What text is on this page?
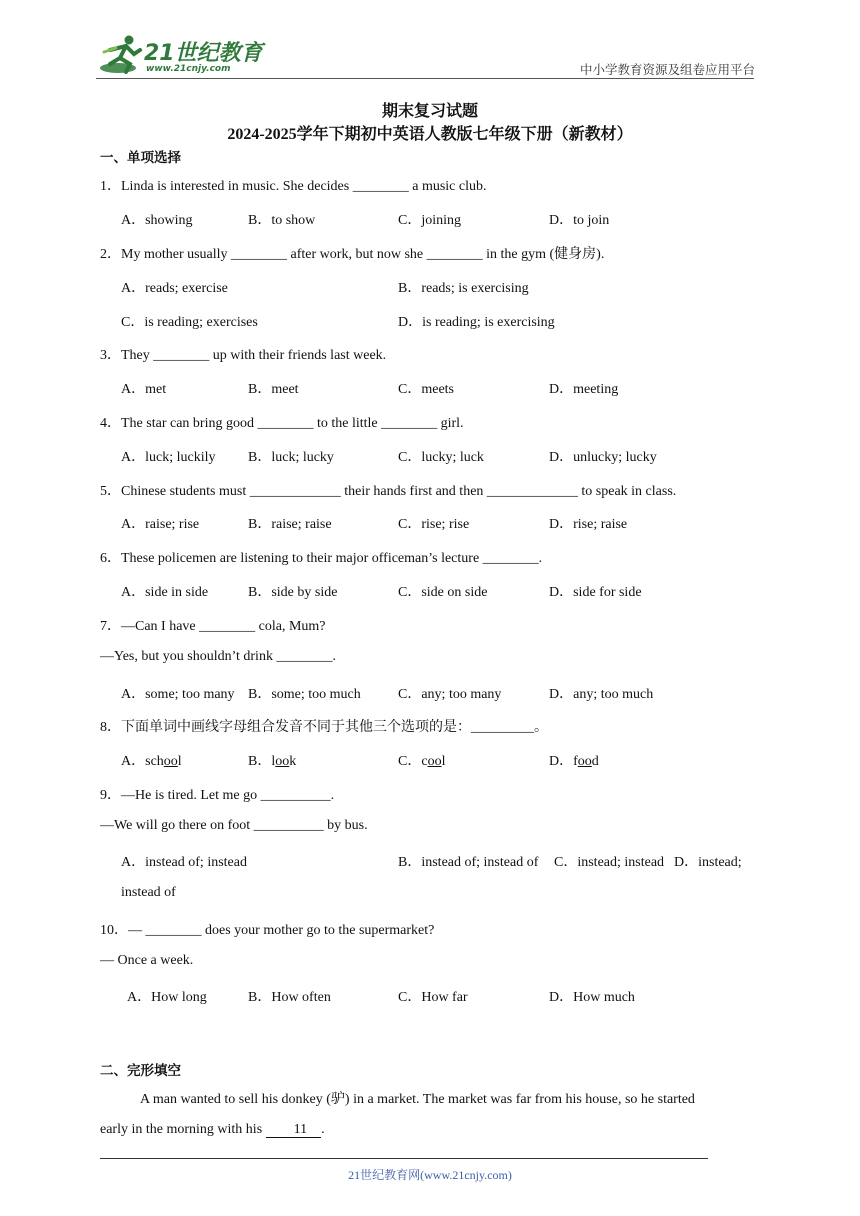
21世纪教育
www.21cnjy.com	中小学教育资源及组卷应用平台
期末复习试题
2024-2025学年下期初中英语人教版七年级下册（新教材）
一、单项选择
1．Linda is interested in music. She decides ________ a music club.
A．showing	B．to show	C．joining	D．to join
2．My mother usually ________ after work, but now she ________ in the gym (健身房).
A．reads; exercise	B．reads; is exercising
C．is reading; exercises	D．is reading; is exercising
3．They ________ up with their friends last week.
A．met	B．meet	C．meets	D．meeting
4．The star can bring good ________ to the little ________ girl.
A．luck; luckily B．luck; lucky	C．lucky; luck	D．unlucky; lucky
5．Chinese students must _____________ their hands first and then _____________ to speak in class.
A．raise; rise	B．raise; raise	C．rise; rise	D．rise; raise
6．These policemen are listening to their major officeman’s lecture ________.
A．side in side	B．side by side	C．side on side	D．side for side
7．—Can I have ________ cola, Mum?
—Yes, but you shouldn’t drink ________.
A．some; too many B．some; too much	C．any; too many	D．any; too much
8．下面单词中画线字母组合发音不同于其他三个选项的是：_________。
A．school	B．look	C．cool	D．food
9．—He is tired. Let me go __________.
—We will go there on foot __________ by bus.
A．instead of; instead	B．instead of; instead of C．instead; instead D．instead;
instead of
10．— ________ does your mother go to the supermarket?
— Once a week.
A．How long	B．How often	C．How far	D．How much
二、完形填空
A man wanted to sell his donkey (驴) in a market. The market was far from his house, so he started
early in the morning with his 11 .
21世纪教育网(www.21cnjy.com)
